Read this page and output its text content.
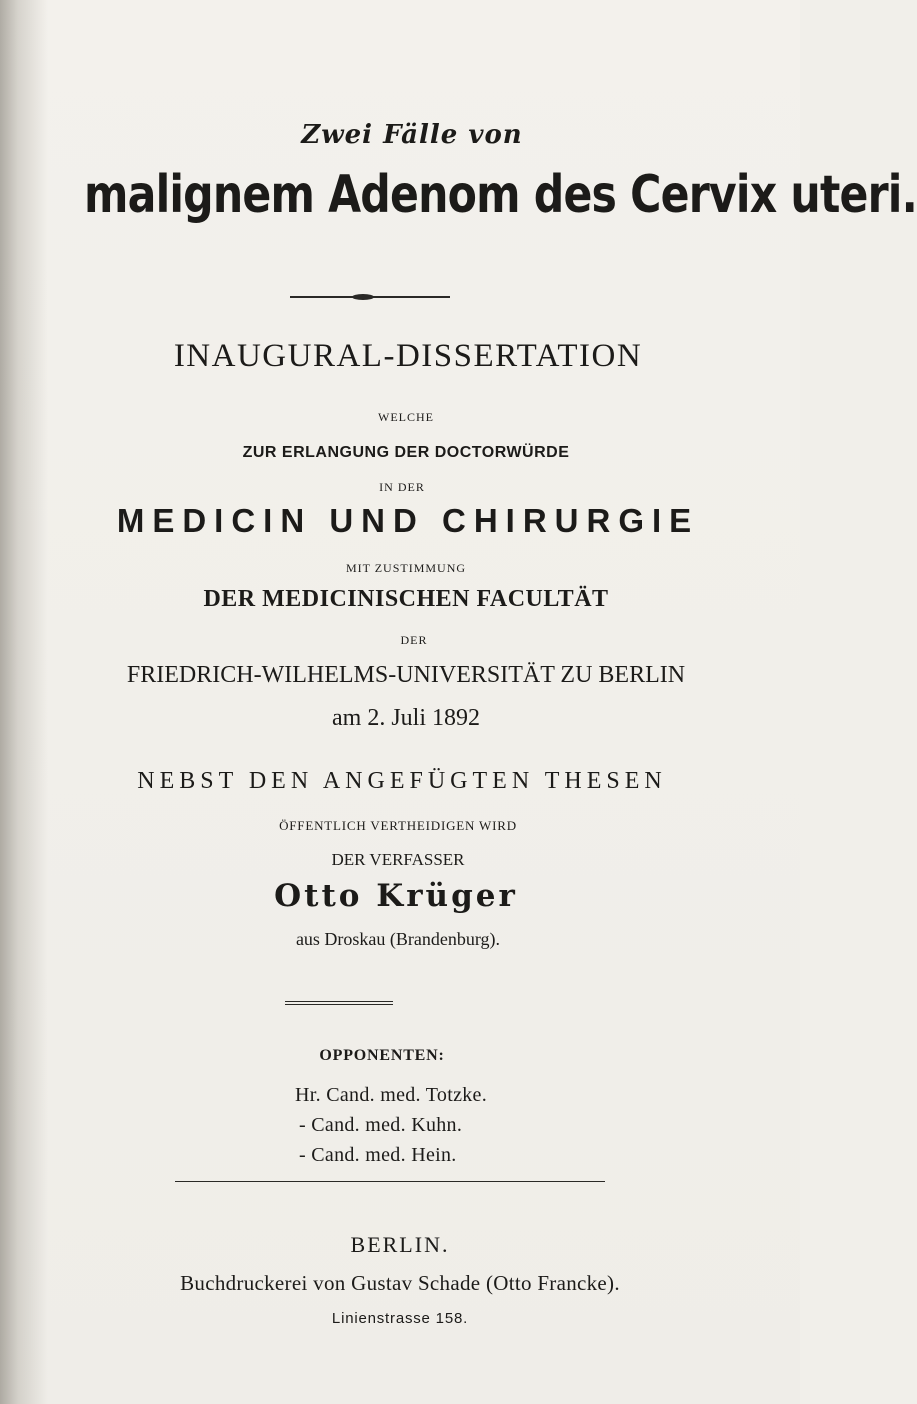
Zwei Fälle von
malignem Adenom des Cervix uteri.
INAUGURAL-DISSERTATION
WELCHE
ZUR ERLANGUNG DER DOCTORWÜRDE
IN DER
MEDICIN UND CHIRURGIE
MIT ZUSTIMMUNG
DER MEDICINISCHEN FACULTÄT
DER
FRIEDRICH-WILHELMS-UNIVERSITÄT ZU BERLIN
am 2. Juli 1892
NEBST DEN ANGEFÜGTEN THESEN
ÖFFENTLICH VERTHEIDIGEN WIRD
DER VERFASSER
Otto Krüger
aus Droskau (Brandenburg).
OPPONENTEN:
Hr. Cand. med. Totzke.
- Cand. med. Kuhn.
- Cand. med. Hein.
BERLIN.
Buchdruckerei von Gustav Schade (Otto Francke).
Linienstrasse 158.
